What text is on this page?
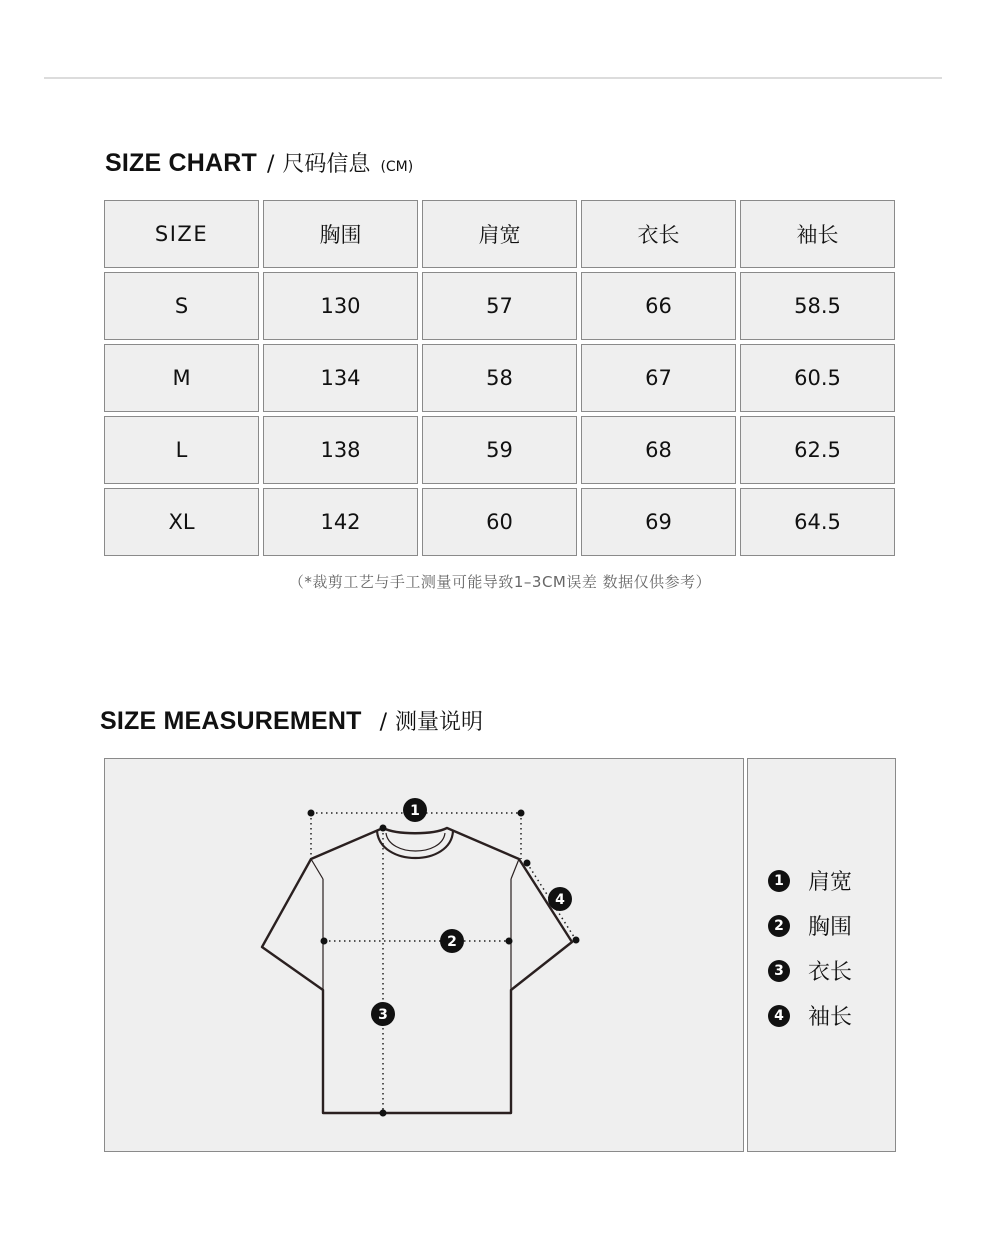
SIZE CHART / 尺码信息 (CM)
SIZE	胸围	肩宽	衣长	袖长
S	130	57	66	58.5
M	134	58	67	60.5
L	138	59	68	62.5
XL	142	60	69	64.5
（*裁剪工艺与手工测量可能导致1–3CM误差 数据仅供参考）
SIZE MEASUREMENT / 测量说明
1
2
3
4
1 肩宽
2 胸围
3 衣长
4 袖长
